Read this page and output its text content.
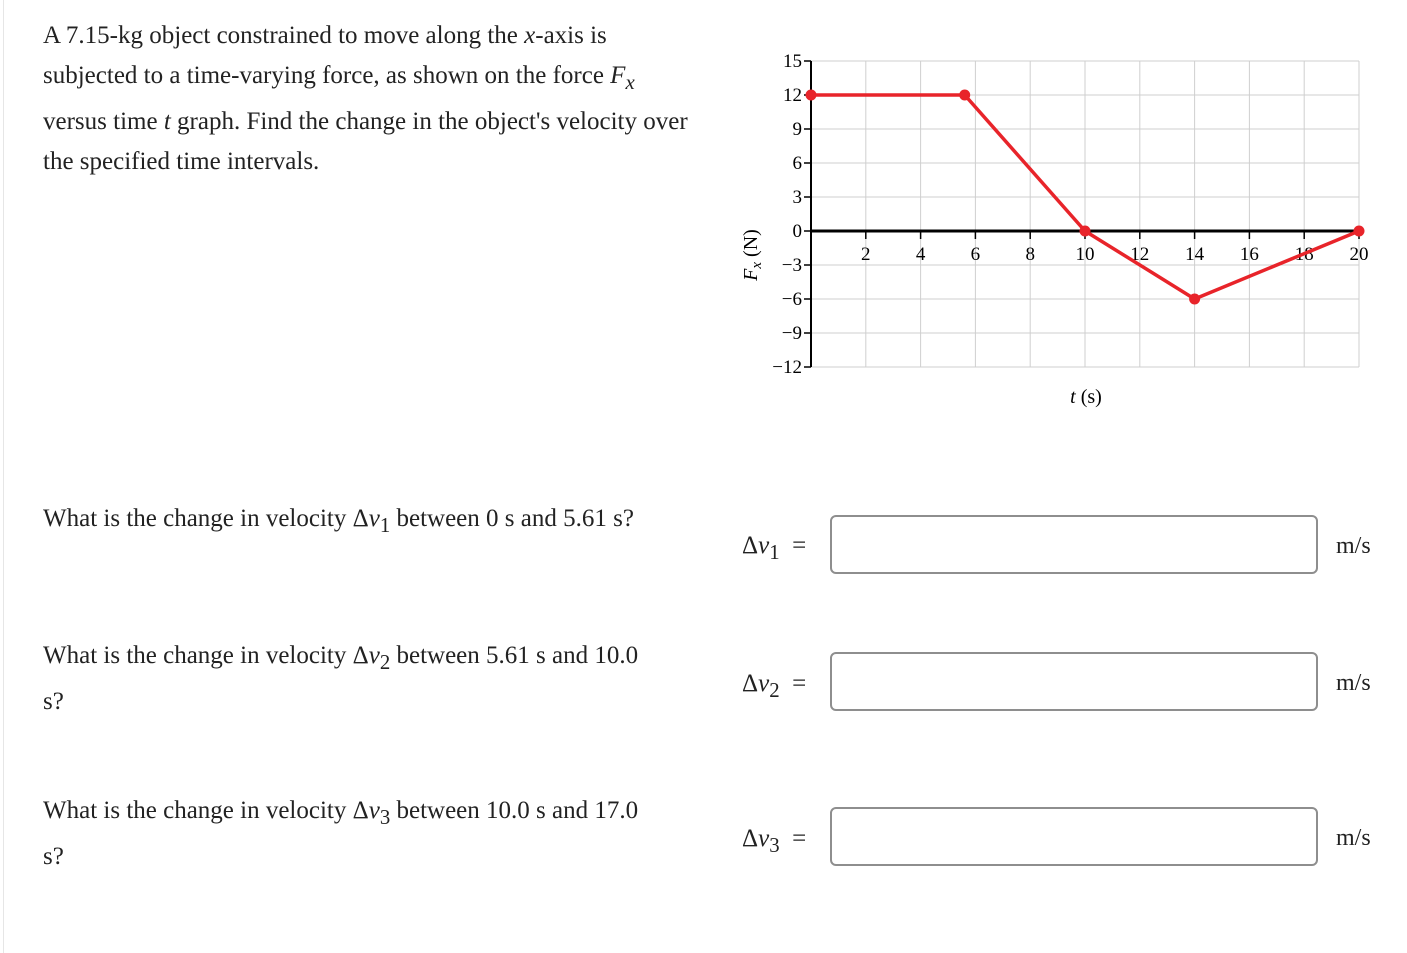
A 7.15-kg object constrained to move along the x-axis is subjected to a time-varying force, as shown on the force $F_x$ versus time t graph. Find the change in the object's velocity over the specified time intervals.

15
12
9
6
3
0
−3
−6
−9
−12
2 4 6 8 10 12 14 16 18 20
$F_x$ (N)
t (s)

What is the change in velocity $\Delta v_1$ between 0 s and 5.61 s?

$\Delta v_1$ =	m/s

What is the change in velocity $\Delta v_2$ between 5.61 s and 10.0 s?

$\Delta v_2$ =	m/s

What is the change in velocity $\Delta v_3$ between 10.0 s and 17.0 s?

$\Delta v_3$ =	m/s
